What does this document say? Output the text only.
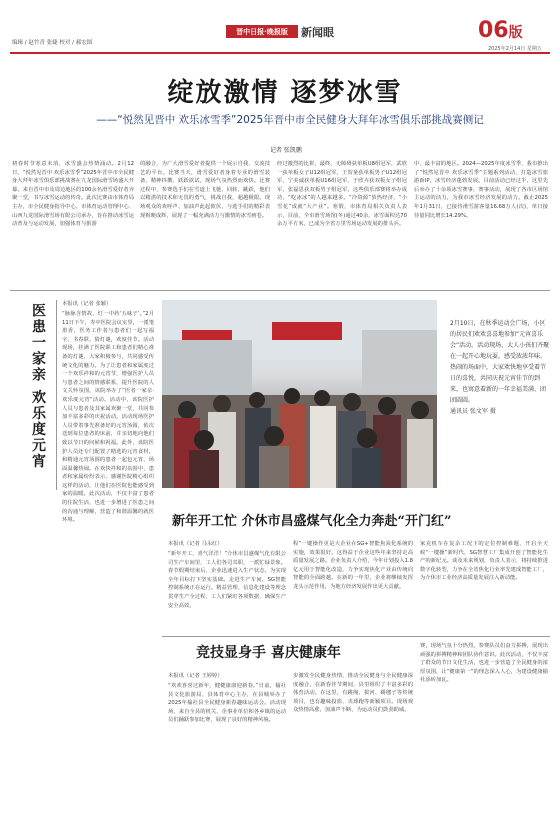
编辑 / 赵竹青 张婕 校对 / 郝宏图
晋中日报·晚报版	新闻眼	06版
2025年2月14日 星期五
绽放激情 逐梦冰雪
——“悦然见晋中 欢乐冰雪季”2025年晋中市全民健身大拜年冰雪俱乐部挑战赛侧记
记者 张凯鹏
初春时节寒意未消，冰雪盛会热情涌动。2月12日，“悦然见晋中 欢乐冰雪季”2025年晋中市全民健身大拜年冰雪俱乐部挑战赛在九龙国际滑雪场盛大开幕。来自晋中市及周边地区的100余名滑雪爱好者齐聚一堂，书写冰雪运动的传奇。此次比赛由市体育局主办，市全民健身指导中心、市体育运动管理中心、山西九龙国际滑雪场有限公司承办，旨在推动冰雪运动普及与运动发展，加强体育与旅游
的融合，为广大滑雪爱好者提供一个展示自我、交流技艺的平台。比赛当天，滑雪爱好者身着专业的滑雪装备，精神抖擞、跃跃欲试，现场气氛热烈而欢快。比赛过程中，参赛选手们在雪道上飞驰、回转、跳跃，他们以精湛的技术和无畏的勇气，挑战自我，超越极限。现场观众的欢呼声、加油声此起彼伏，与选手们的精彩表现相映成辉，展现了一幅充满活力与激情的冰雪画卷。
经过激烈的比拼，最终，无障碍获单板U8组冠军，武欣一获单板女子U12组冠军，王贺童获单板男子U12组冠军，宁美诚获单板U16组冠军，于欣卉获双板女子组冠军，张磊思获双板男子组冠军。这些俱乐部赛将举办成功，“吃冰冰”的人越来越多。“冷资源”放热经济，“小雪花”成就“大产业”。寒假，市体育局相关负责人表示，目前，全市滑雪场馆(冬)通过40余，冰雪面积达70余万平方米，已成为全省万里雪场运动发展的排头兵。
中、最丰富的地区。2024—2025年度冰雪季，我市推出了“悦然见晋中 欢乐冰雪季”主题系列活动，打造冰雪旅游新IP，冰雪经济蓬勃发展。目前活动已经过半，这里先后举办了十余项冰雪赛事，赛事活动，展现了各市区场馆主运动的活力，为我市冰雪经济发展的动力。截止2025年1月31日，已接待滑雪游客量16.68万人(次)，单日接待量同比增长14.29%。
医患一家亲 欢乐度元宵	本报讯（记者 张颖）
“脉脉含情故，灯一中药‘五味子’。”2月11日下午，寿中医院会议室里，一派笔墨香，医务工作者与患者们一起写福字、书春联、猜灯谜，欢度佳节。活动现场，挂满了医院职工和患者们精心准备的灯谜，大家积极参与，共同感受传统文化的魅力。为了让患者和家属度过一个欢乐祥和的元宵节，增强医护人员与患者之间的情感联系，提升医院的人文关怀氛围，该院举办了“医者一家亲·欢乐度元宵”活动。活动中，该院医护人员与患者及其家属欢聚一堂，共同参加丰富多彩的庆祝活动。活动现场医护人员带着事先准备好的元宵汤圆，依次送到每位患者的床前，并亲切地向他们致以节日的问候和祝福。此外，该院医护人员还专门配置了精选的元宵食材，和精通元宵汤圆的患者一起包元宵，场面温馨热闹。在欢快祥和的氛围中，患者和家属纷纷表示，感谢医院精心组织这样的活动，让他们在医院也能感受到家的温暖。此次活动，不仅丰富了患者的住院生活，也进一步增进了医患之间的沟通与理解，营造了和谐温馨的就医环境。
2月10日，在秋季运动会广场，小区的居民们欢欢喜喜地参加“元宵喜乐会”活动。活动现场，大人小孩们齐聚在一起开心地玩耍，感受浓浓年味。热闹的场面中，大家欢快地享受着节日的喜悦，共同庆祝元宵佳节的到来，也寓意着新的一年幸福美满、团团圆圆。
通讯员 张文军 摄
新年开工忙 介休市昌盛煤气化全力奔赴“开门红”
本报讯（记者 马永红）
“新年开工，喜气洋洋！”介休市昌盛煤气化有限公司生产车间里，工人们各司其职，一派忙碌景象。春节假期结束后，企业迅速进入生产状态，为实现全年目标打下坚实基础。走进生产车间，SG智能控制系统正在运行。精益管理、信息化建设等理念贯穿生产全过程，工人们紧盯各项数据，确保生产安全高效。
程”一键操作更是大企业在SG+智能焦炭化系统的实施，效果很好。这得益于企业这些年来坚持走高质量发展之路。企业负责人介绍，今年计划投入1.8亿元用于智能化改造，力争实现焦化产业由传统向智能的全面跨越。在新的一年里，企业将继续发挥龙头示范作用，为地方经济发展作出更大贡献。
家克机车在复杂工况下的定位控制难题，开启全天候“一键操”新时代，SG智慧工厂集成开创了智能化生产的新纪元。谈及未来规划，负责人表示，将持续推进数字化转型，力争在全省焦化行业率先建成智能工厂，为介休市工业经济高质量发展注入新动能。
竞技显身手 喜庆健康年
本报讯（记者 王婷婷）
“欢欢喜喜过新年，健健康康迎新春。”日前，榆社县文化旅游局、县体育中心主办，在县城举办了2025年榆社县全民健身新春趣味运动会。活动现场，来自全县的机关、企事业单位和各乡镇的运动员们踊跃参加比赛，展现了良好的精神风貌。
步激发全民健身热情，推动全民健身与全民健康深度融合，在新春佳节期间，县里组织了丰富多彩的体育活动。在这里，有跳绳、拔河、踢毽子等传统项目，也有趣味投篮、夹球跑等新颖项目。现场观众热情高涨，加油声不断，为运动员们鼓劲助威。
赛，现场气氛十分热烈。参赛队员们奋力拼搏，展现出顽强的拼搏精神和团队协作意识。此次活动，不仅丰富了群众的节日文化生活，也进一步营造了全民健身的浓厚氛围，让“健康第一”的理念深入人心，为建设健康榆社添砖加瓦。
